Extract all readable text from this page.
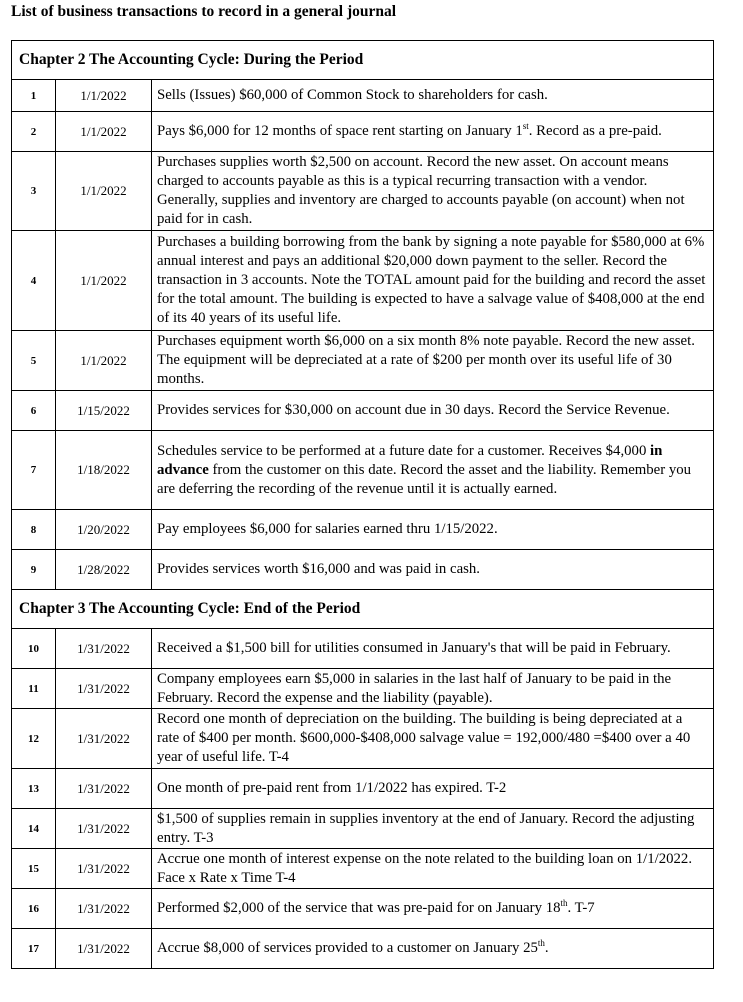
List of business transactions to record in a general journal
Chapter 2 The Accounting Cycle: During the Period		
1	1/1/2022	Sells (Issues) $60,000 of Common Stock to shareholders for cash.
2	1/1/2022	Pays $6,000 for 12 months of space rent starting on January 1st. Record as a pre-paid.
3	1/1/2022	Purchases supplies worth $2,500 on account. Record the new asset. On account means charged to accounts payable as this is a typical recurring transaction with a vendor. Generally, supplies and inventory are charged to accounts payable (on account) when not paid for in cash.
4	1/1/2022	Purchases a building borrowing from the bank by signing a note payable for $580,000 at 6% annual interest and pays an additional $20,000 down payment to the seller. Record the transaction in 3 accounts. Note the TOTAL amount paid for the building and record the asset for the total amount. The building is expected to have a salvage value of $408,000 at the end of its 40 years of its useful life.
5	1/1/2022	Purchases equipment worth $6,000 on a six month 8% note payable. Record the new asset. The equipment will be depreciated at a rate of $200 per month over its useful life of 30 months.
6	1/15/2022	Provides services for $30,000 on account due in 30 days. Record the Service Revenue.
7	1/18/2022	Schedules service to be performed at a future date for a customer. Receives $4,000 in advance from the customer on this date. Record the asset and the liability. Remember you are deferring the recording of the revenue until it is actually earned.
8	1/20/2022	Pay employees $6,000 for salaries earned thru 1/15/2022.
9	1/28/2022	Provides services worth $16,000 and was paid in cash.
Chapter 3 The Accounting Cycle: End of the Period		
10	1/31/2022	Received a $1,500 bill for utilities consumed in January's that will be paid in February.
11	1/31/2022	Company employees earn $5,000 in salaries in the last half of January to be paid in the February. Record the expense and the liability (payable).
12	1/31/2022	Record one month of depreciation on the building. The building is being depreciated at a rate of $400 per month. $600,000-$408,000 salvage value = 192,000/480 =$400 over a 40 year of useful life. T-4
13	1/31/2022	One month of pre-paid rent from 1/1/2022 has expired. T-2
14	1/31/2022	$1,500 of supplies remain in supplies inventory at the end of January. Record the adjusting entry. T-3
15	1/31/2022	Accrue one month of interest expense on the note related to the building loan on 1/1/2022. Face x Rate x Time T-4
16	1/31/2022	Performed $2,000 of the service that was pre-paid for on January 18th. T-7
17	1/31/2022	Accrue $8,000 of services provided to a customer on January 25th.
